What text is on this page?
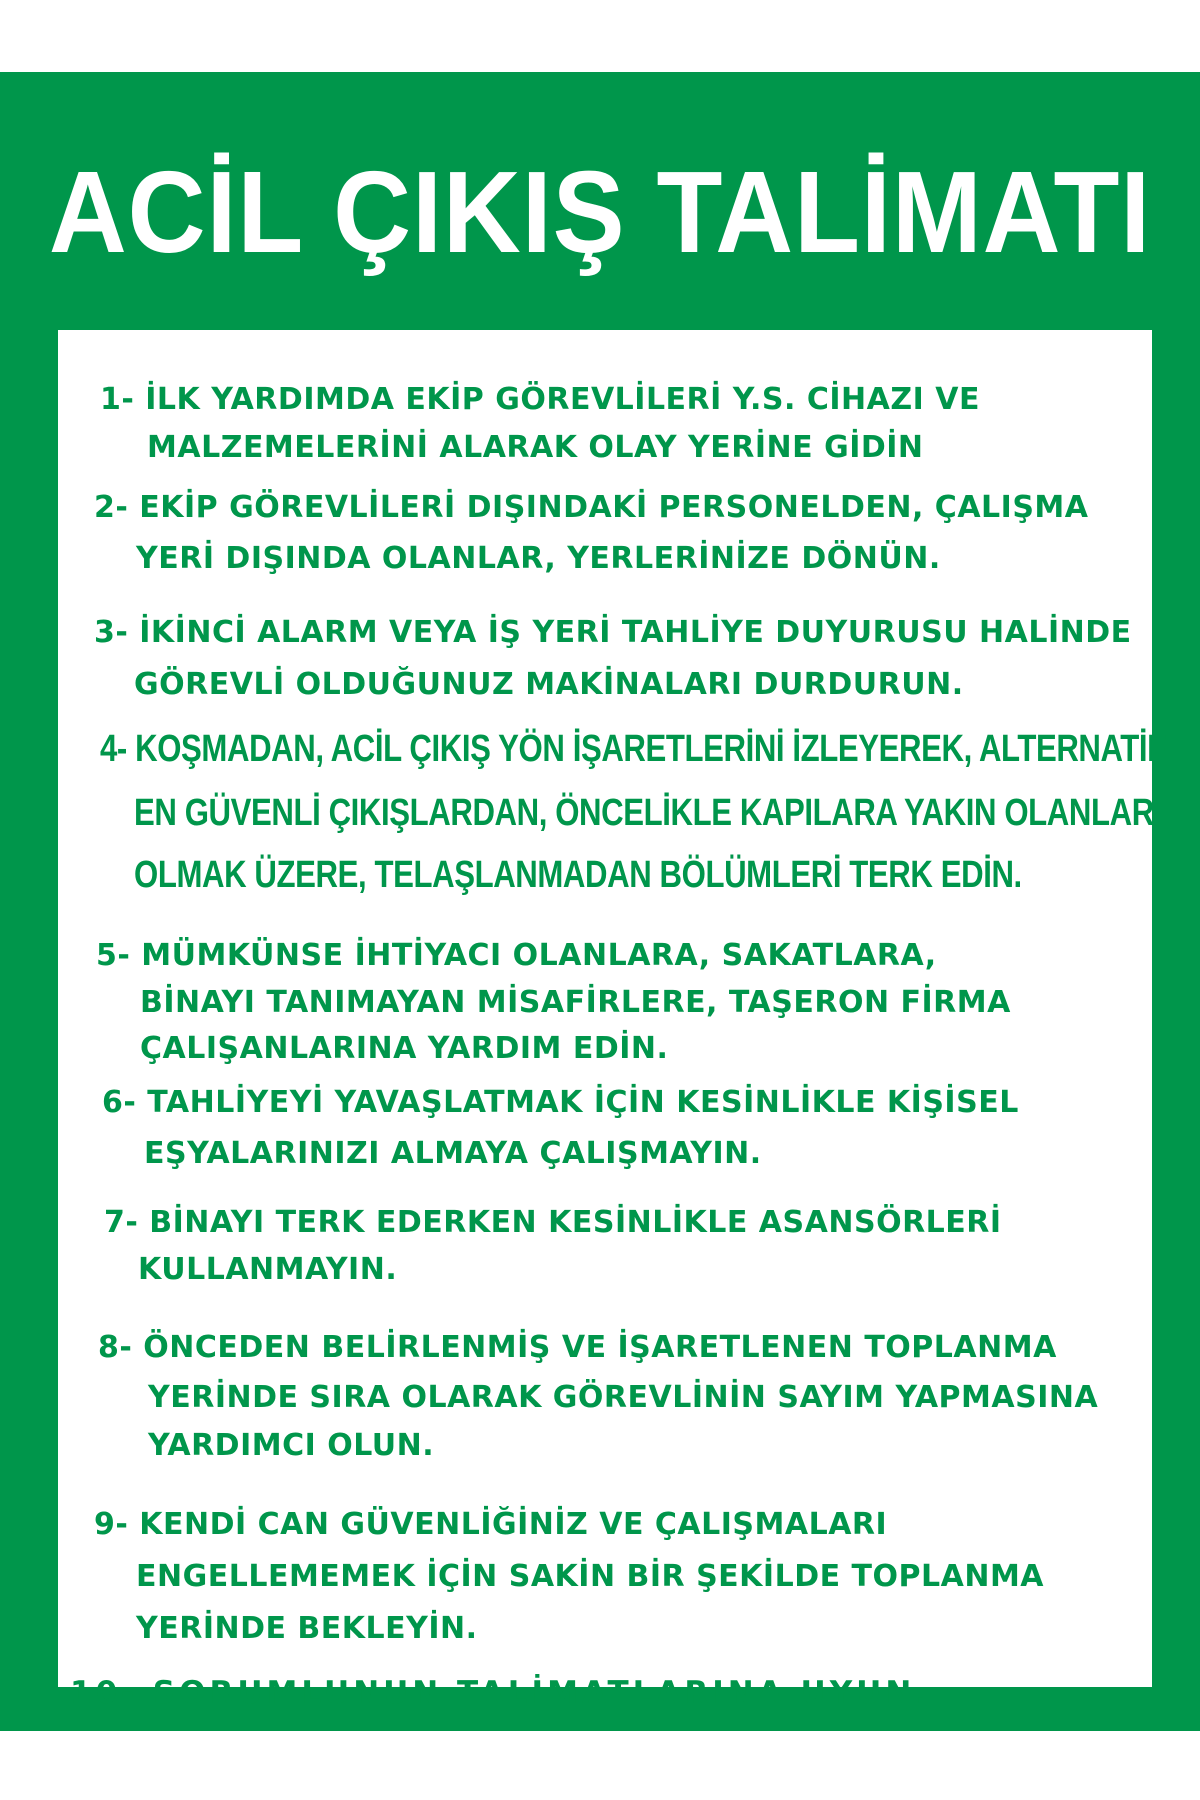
ACİL ÇIKIŞ TALİMATI
1- İLK YARDIMDA EKİP GÖREVLİLERİ Y.S. CİHAZI VE
MALZEMELERİNİ ALARAK OLAY YERİNE GİDİN
2- EKİP GÖREVLİLERİ DIŞINDAKİ PERSONELDEN, ÇALIŞMA
YERİ DIŞINDA OLANLAR, YERLERİNİZE DÖNÜN.
3- İKİNCİ ALARM VEYA İŞ YERİ TAHLİYE DUYURUSU HALİNDE
GÖREVLİ OLDUĞUNUZ MAKİNALARI DURDURUN.
4- KOŞMADAN, ACİL ÇIKIŞ YÖN İŞARETLERİNİ İZLEYEREK, ALTERNATİF
EN GÜVENLİ ÇIKIŞLARDAN, ÖNCELİKLE KAPILARA YAKIN OLANLAR
OLMAK ÜZERE, TELAŞLANMADAN BÖLÜMLERİ TERK EDİN.
5- MÜMKÜNSE İHTİYACI OLANLARA, SAKATLARA,
BİNAYI TANIMAYAN MİSAFİRLERE, TAŞERON FİRMA
ÇALIŞANLARINA YARDIM EDİN.
6- TAHLİYEYİ YAVAŞLATMAK İÇİN KESİNLİKLE KİŞİSEL
EŞYALARINIZI ALMAYA ÇALIŞMAYIN.
7- BİNAYI TERK EDERKEN KESİNLİKLE ASANSÖRLERİ
KULLANMAYIN.
8- ÖNCEDEN BELİRLENMİŞ VE İŞARETLENEN TOPLANMA
YERİNDE SIRA OLARAK GÖREVLİNİN SAYIM YAPMASINA
YARDIMCI OLUN.
9- KENDİ CAN GÜVENLİĞİNİZ VE ÇALIŞMALARI
ENGELLEMEMEK İÇİN SAKİN BİR ŞEKİLDE TOPLANMA
YERİNDE BEKLEYİN.
10- SORUMLUNUN TALİMATLARINA UYUN.
